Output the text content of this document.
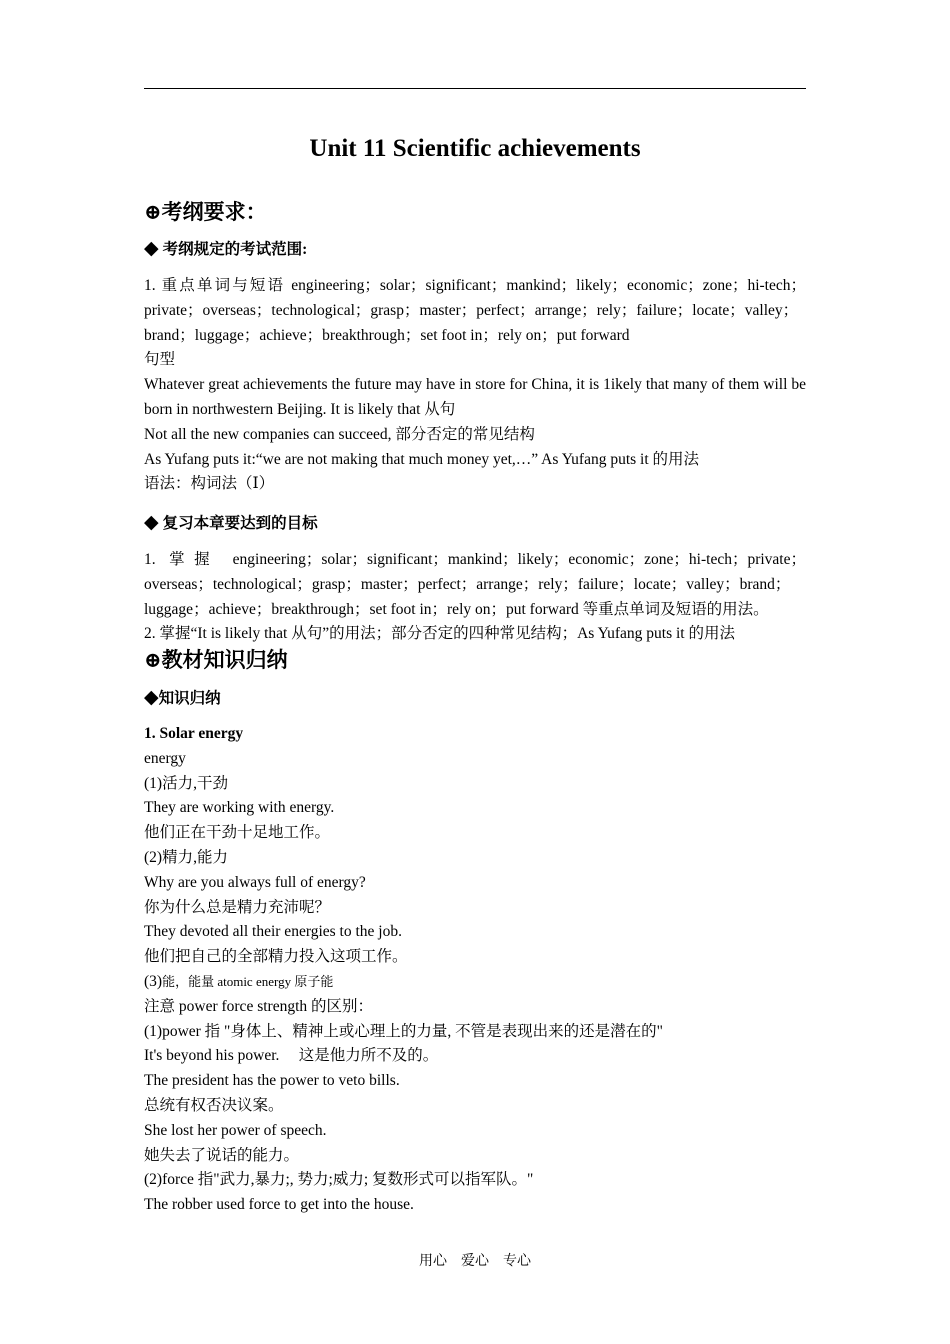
Unit 11 Scientific achievements
⊕考纲要求：
◆ 考纲规定的考试范围:

1. 重点单词与短语 engineering；solar；significant；mankind；likely；economic；zone；hi-tech；private；overseas；technological；grasp；master；perfect；arrange；rely；failure；locate；valley；brand；luggage；achieve；breakthrough；set foot in；rely on；put forward

句型

Whatever great achievements the future may have in store for China, it is 1ikely that many of them will be born in northwestern Beijing. It is likely that 从句

Not all the new companies can succeed, 部分否定的常见结构

As Yufang puts it:“we are not making that much money yet,…” As Yufang puts it 的用法

语法：构词法（Ⅰ）

◆ 复习本章要达到的目标

1. 掌握 engineering；solar；significant；mankind；likely；economic；zone；hi-tech；private；overseas；technological；grasp；master；perfect；arrange；rely；failure；locate；valley；brand；luggage；achieve；breakthrough；set foot in；rely on；put forward 等重点单词及短语的用法。

2. 掌握“It is likely that 从句”的用法；部分否定的四种常见结构；As Yufang puts it 的用法

⊕教材知识归纳
◆知识归纳

1. Solar energy

energy

(1)活力,干劲

They are working with energy.

他们正在干劲十足地工作。

(2)精力,能力

Why are you always full of energy?

你为什么总是精力充沛呢？

They devoted all their energies to the job.

他们把自己的全部精力投入这项工作。

(3)能，能量 atomic energy 原子能

注意 power force strength 的区别：

(1)power 指 "身体上、精神上或心理上的力量, 不管是表现出来的还是潜在的"

It's beyond his power.     这是他力所不及的。

The president has the power to veto bills.

总统有权否决议案。

She lost her power of speech.

她失去了说话的能力。

(2)force 指"武力,暴力;, 势力;威力; 复数形式可以指军队。"

The robber used force to get into the house.

用心    爱心    专心
